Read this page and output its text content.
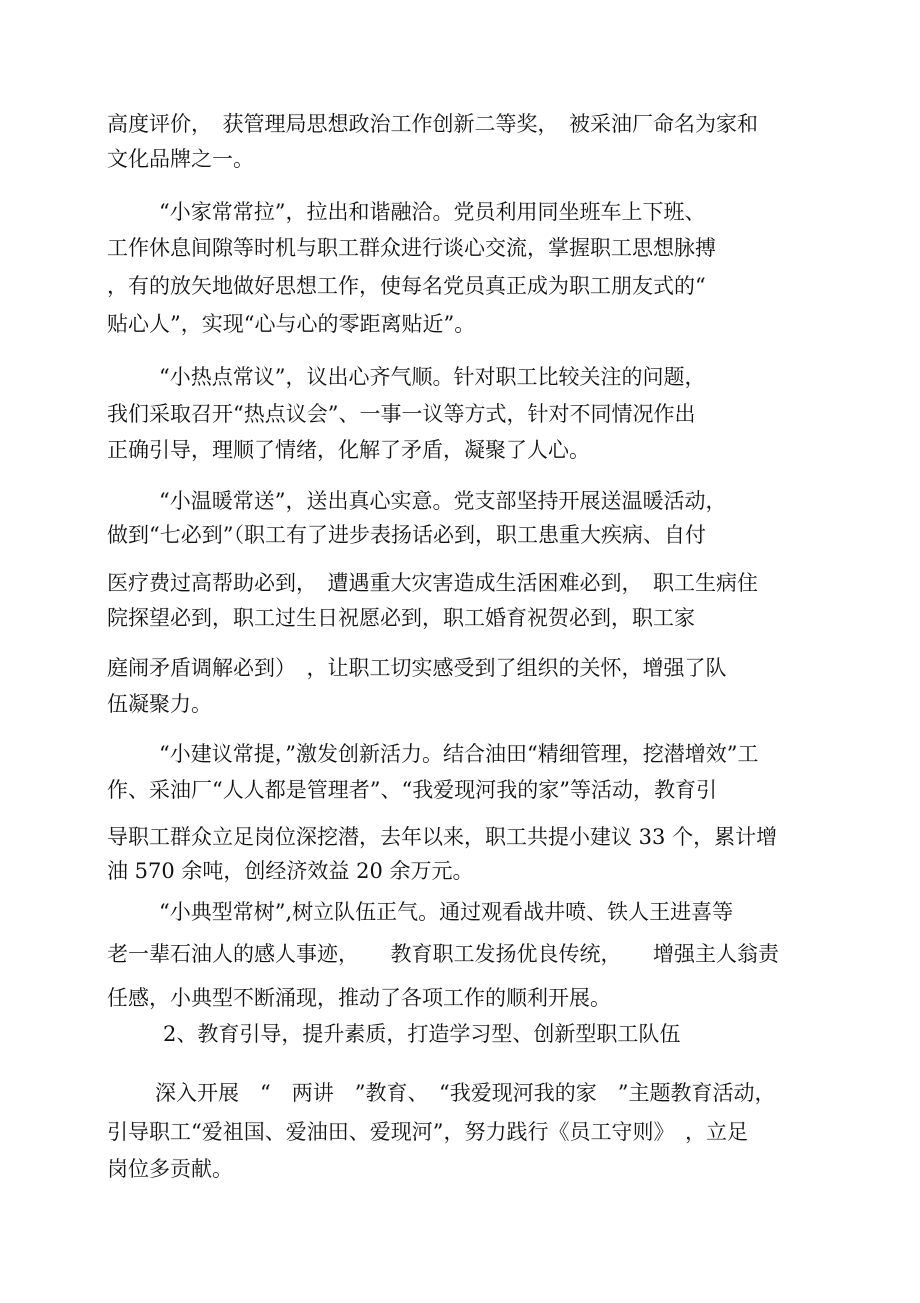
高度评价，　获管理局思想政治工作创新二等奖，　被采油厂命名为家和
文化品牌之一。
“小家常常拉”，拉出和谐融洽。党员利用同坐班车上下班、
工作休息间隙等时机与职工群众进行谈心交流，掌握职工思想脉搏
，有的放矢地做好思想工作，使每名党员真正成为职工朋友式的“
贴心人”，实现“心与心的零距离贴近”。
“小热点常议”，议出心齐气顺。针对职工比较关注的问题，
我们采取召开“热点议会”、一事一议等方式，针对不同情况作出
正确引导，理顺了情绪，化解了矛盾，凝聚了人心。
“小温暖常送”，送出真心实意。党支部坚持开展送温暖活动，
做到“七必到”（职工有了进步表扬话必到，职工患重大疾病、自付
医疗费过高帮助必到，　遭遇重大灾害造成生活困难必到，　职工生病住
院探望必到，职工过生日祝愿必到，职工婚育祝贺必到，职工家
庭闹矛盾调解必到）　，让职工切实感受到了组织的关怀，增强了队
伍凝聚力。
“小建议常提，”激发创新活力。结合油田“精细管理，挖潜增效”工
作、采油厂“人人都是管理者”、“我爱现河我的家”等活动，教育引
导职工群众立足岗位深挖潜，去年以来，职工共提小建议 33 个，累计增
油 570 余吨，创经济效益 20 余万元。
“小典型常树”,树立队伍正气。通过观看战井喷、铁人王进喜等
老一辈石油人的感人事迹，　　教育职工发扬优良传统，　　增强主人翁责
任感，小典型不断涌现，推动了各项工作的顺利开展。
2、教育引导，提升素质，打造学习型、创新型职工队伍
深入开展　“　两讲　”教育、　“我爱现河我的家　”主题教育活动，
引导职工“爱祖国、爱油田、爱现河”，努力践行《员工守则》　，立足
岗位多贡献。
